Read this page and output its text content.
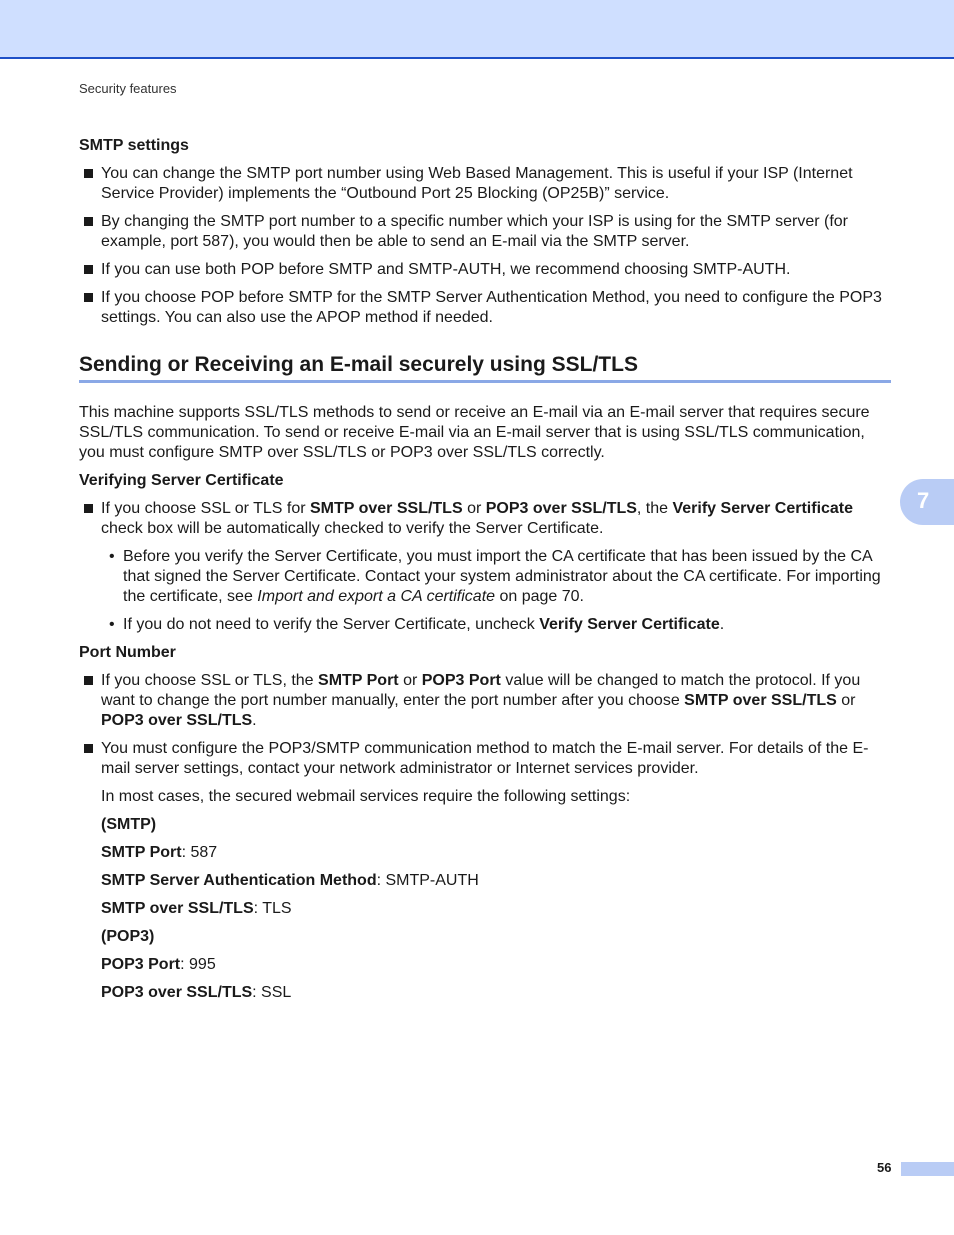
Security features
SMTP settings
You can change the SMTP port number using Web Based Management. This is useful if your ISP (Internet Service Provider) implements the “Outbound Port 25 Blocking (OP25B)” service.
By changing the SMTP port number to a specific number which your ISP is using for the SMTP server (for example, port 587), you would then be able to send an E-mail via the SMTP server.
If you can use both POP before SMTP and SMTP-AUTH, we recommend choosing SMTP-AUTH.
If you choose POP before SMTP for the SMTP Server Authentication Method, you need to configure the POP3 settings. You can also use the APOP method if needed.
Sending or Receiving an E-mail securely using SSL/TLS
This machine supports SSL/TLS methods to send or receive an E-mail via an E-mail server that requires secure SSL/TLS communication. To send or receive E-mail via an E-mail server that is using SSL/TLS communication, you must configure SMTP over SSL/TLS or POP3 over SSL/TLS correctly.
Verifying Server Certificate
If you choose SSL or TLS for SMTP over SSL/TLS or POP3 over SSL/TLS, the Verify Server Certificate check box will be automatically checked to verify the Server Certificate.
• Before you verify the Server Certificate, you must import the CA certificate that has been issued by the CA that signed the Server Certificate. Contact your system administrator about the CA certificate. For importing the certificate, see Import and export a CA certificate on page 70.
• If you do not need to verify the Server Certificate, uncheck Verify Server Certificate.
Port Number
If you choose SSL or TLS, the SMTP Port or POP3 Port value will be changed to match the protocol. If you want to change the port number manually, enter the port number after you choose SMTP over SSL/TLS or POP3 over SSL/TLS.
You must configure the POP3/SMTP communication method to match the E-mail server. For details of the E-mail server settings, contact your network administrator or Internet services provider.
In most cases, the secured webmail services require the following settings:
(SMTP)
SMTP Port: 587
SMTP Server Authentication Method: SMTP-AUTH
SMTP over SSL/TLS: TLS
(POP3)
POP3 Port: 995
POP3 over SSL/TLS: SSL
7
56
